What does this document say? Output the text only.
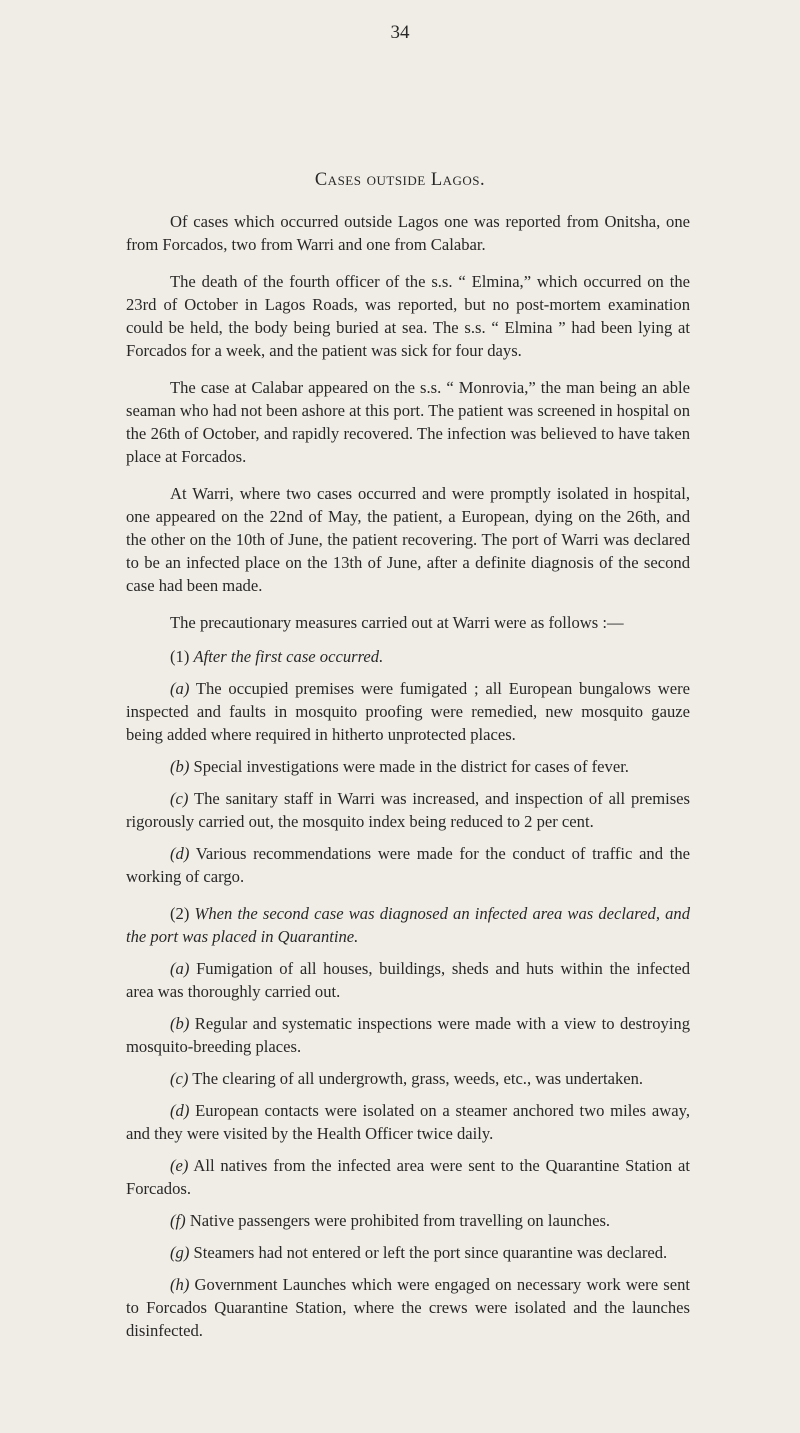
34
Cases outside Lagos.

Of cases which occurred outside Lagos one was reported from Onitsha, one from Forcados, two from Warri and one from Calabar.

The death of the fourth officer of the s.s. “ Elmina,” which occurred on the 23rd of October in Lagos Roads, was reported, but no post-mortem examination could be held, the body being buried at sea. The s.s. “ Elmina ” had been lying at Forcados for a week, and the patient was sick for four days.

The case at Calabar appeared on the s.s. “ Monrovia,” the man being an able seaman who had not been ashore at this port. The patient was screened in hospital on the 26th of October, and rapidly recovered. The infection was believed to have taken place at Forcados.

At Warri, where two cases occurred and were promptly isolated in hospital, one appeared on the 22nd of May, the patient, a European, dying on the 26th, and the other on the 10th of June, the patient recovering. The port of Warri was declared to be an infected place on the 13th of June, after a definite diagnosis of the second case had been made.

The precautionary measures carried out at Warri were as follows :—

(1) After the first case occurred.

(a) The occupied premises were fumigated ; all European bungalows were inspected and faults in mosquito proofing were remedied, new mosquito gauze being added where required in hitherto unprotected places.

(b) Special investigations were made in the district for cases of fever.

(c) The sanitary staff in Warri was increased, and inspection of all premises rigorously carried out, the mosquito index being reduced to 2 per cent.

(d) Various recommendations were made for the conduct of traffic and the working of cargo.

(2) When the second case was diagnosed an infected area was declared, and the port was placed in Quarantine.

(a) Fumigation of all houses, buildings, sheds and huts within the infected area was thoroughly carried out.

(b) Regular and systematic inspections were made with a view to destroying mosquito-breeding places.

(c) The clearing of all undergrowth, grass, weeds, etc., was undertaken.

(d) European contacts were isolated on a steamer anchored two miles away, and they were visited by the Health Officer twice daily.

(e) All natives from the infected area were sent to the Quarantine Station at Forcados.

(f) Native passengers were prohibited from travelling on launches.

(g) Steamers had not entered or left the port since quarantine was declared.

(h) Government Launches which were engaged on necessary work were sent to Forcados Quarantine Station, where the crews were isolated and the launches disinfected.
